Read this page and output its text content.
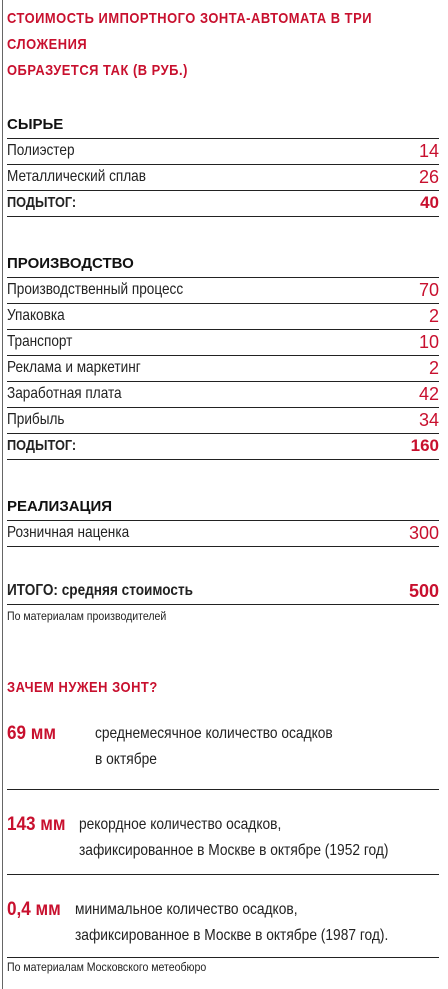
СТОИМОСТЬ ИМПОРТНОГО ЗОНТА-АВТОМАТА В ТРИ СЛОЖЕНИЯ
ОБРАЗУЕТСЯ ТАК (В РУБ.)
СЫРЬЕ
Полиэстер	14
Металлический сплав	26
ПОДЫТОГ:	40
ПРОИЗВОДСТВО
Производственный процесс	70
Упаковка	2
Транспорт	10
Реклама и маркетинг	2
Заработная плата	42
Прибыль	34
ПОДЫТОГ:	160
РЕАЛИЗАЦИЯ
Розничная наценка	300
ИТОГО: средняя стоимость	500
По материалам производителей
ЗАЧЕМ НУЖЕН ЗОНТ?
69 мм	среднемесячное количество осадков
в октябре
143 мм рекордное количество осадков,
зафиксированное в Москве в октябре (1952 год)
0,4 мм минимальное количество осадков,
зафиксированное в Москве в октябре (1987 год).
По материалам Московского метеобюро
